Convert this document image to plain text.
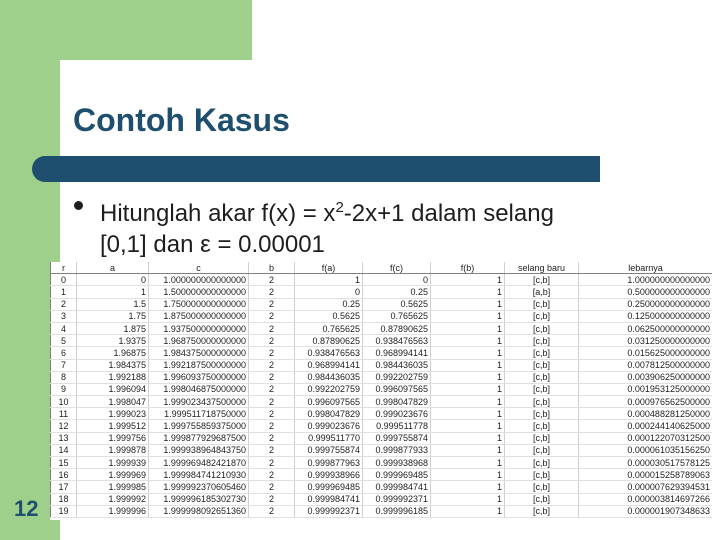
Contoh Kasus
Hitunglah akar $f(x) = x^2-2x+1$ dalam selang
[0,1] dan ε = 0.00001
r	a	c	b	f(a)	f(c)	f(b)	selang baru	lebarnya
0	0	1.000000000000000	2	1	0	1	[c,b]	1.000000000000000
1	1	1.500000000000000	2	0	0.25	1	[a,b]	0.500000000000000
2	1.5	1.750000000000000	2	0.25	0.5625	1	[c,b]	0.250000000000000
3	1.75	1.875000000000000	2	0.5625	0.765625	1	[c,b]	0.125000000000000
4	1.875	1.937500000000000	2	0.765625	0.87890625	1	[c,b]	0.062500000000000
5	1.9375	1.968750000000000	2	0.87890625	0.938476563	1	[c,b]	0.031250000000000
6	1.96875	1.984375000000000	2	0.938476563	0.968994141	1	[c,b]	0.015625000000000
7	1.984375	1.992187500000000	2	0.968994141	0.984436035	1	[c,b]	0.007812500000000
8	1.992188	1.996093750000000	2	0.984436035	0.992202759	1	[c,b]	0.003906250000000
9	1.996094	1.998046875000000	2	0.992202759	0.996097565	1	[c,b]	0.001953125000000
10	1.998047	1.999023437500000	2	0.996097565	0.998047829	1	[c,b]	0.000976562500000
11	1.999023	1.999511718750000	2	0.998047829	0.999023676	1	[c,b]	0.000488281250000
12	1.999512	1.999755859375000	2	0.999023676	0.999511778	1	[c,b]	0.000244140625000
13	1.999756	1.999877929687500	2	0.999511770	0.999755874	1	[c,b]	0.000122070312500
14	1.999878	1.999938964843750	2	0.999755874	0.999877933	1	[c,b]	0.000061035156250
15	1.999939	1.999969482421870	2	0.999877963	0.999938968	1	[c,b]	0.000030517578125
16	1.999969	1.999984741210930	2	0.999938966	0.999969485	1	[c,b]	0.000015258789063
17	1.999985	1.999992370605460	2	0.999969485	0.999984741	1	[c,b]	0.000007629394531
18	1.999992	1.999996185302730	2	0.999984741	0.999992371	1	[c,b]	0.000003814697266
19	1.999996	1.999998092651360	2	0.999992371	0.999996185	1	[c,b]	0.000001907348633
12
